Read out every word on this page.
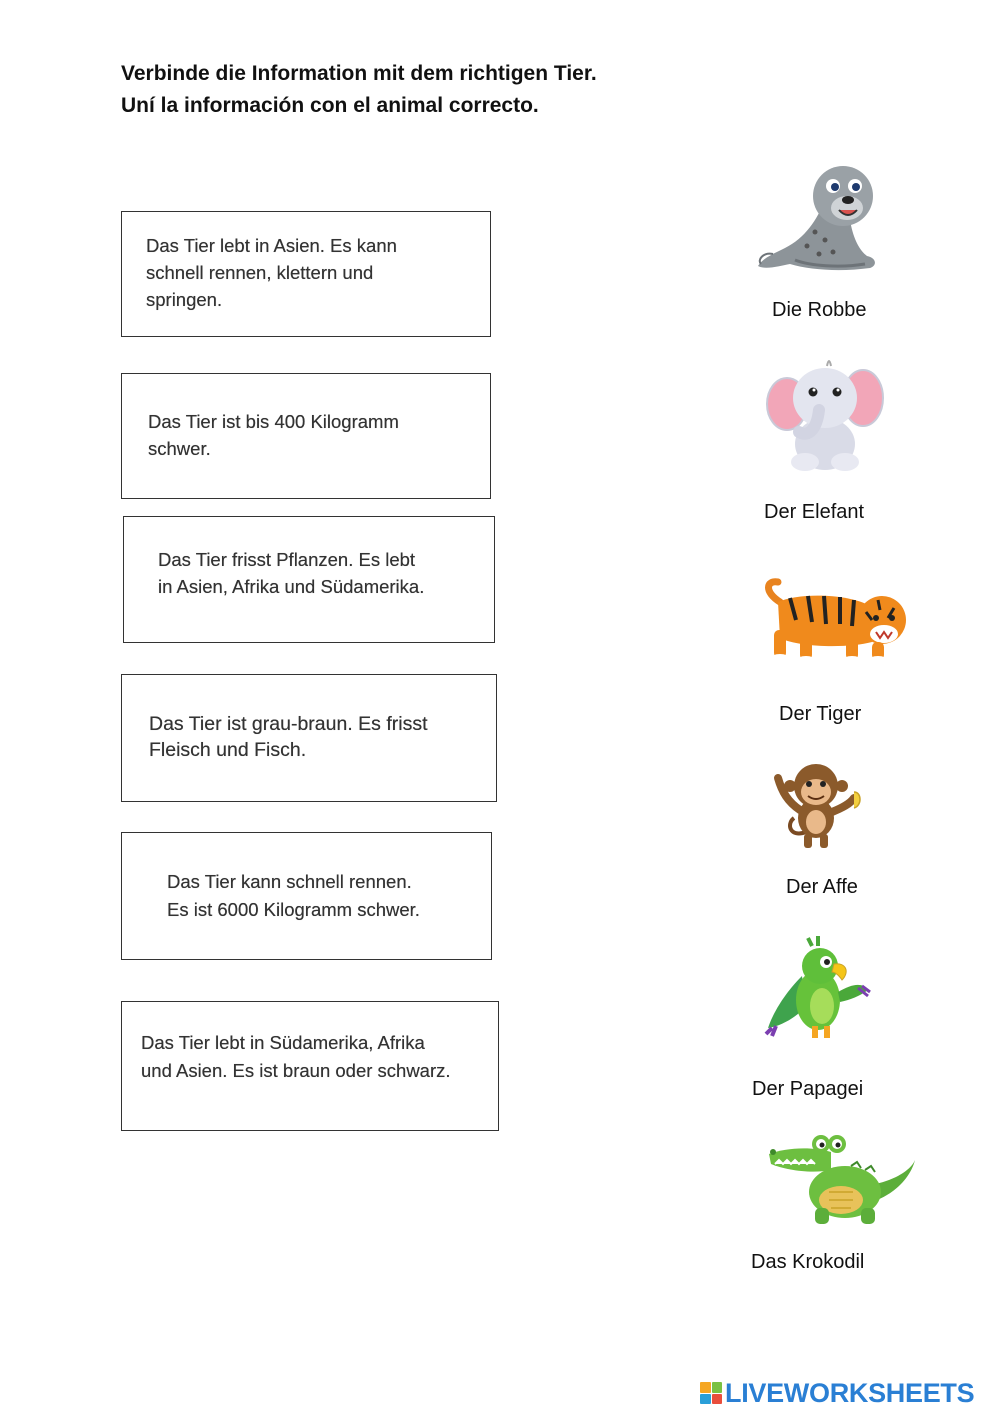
Verbinde die Information mit dem richtigen Tier.
Uní la información con el animal correcto.
Das Tier lebt in Asien. Es kann
schnell rennen, klettern und
springen.
Das Tier ist bis 400 Kilogramm
schwer.
Das Tier frisst Pflanzen. Es lebt
in Asien, Afrika und Südamerika.
Das Tier ist grau-braun. Es frisst
Fleisch und Fisch.
Das Tier kann schnell rennen.
Es ist 6000 Kilogramm schwer.
Das Tier lebt in Südamerika, Afrika
und Asien. Es ist braun oder schwarz.
Die Robbe
Der Elefant
Der Tiger
Der Affe
Der Papagei
Das Krokodil
LIVEWORKSHEETS
